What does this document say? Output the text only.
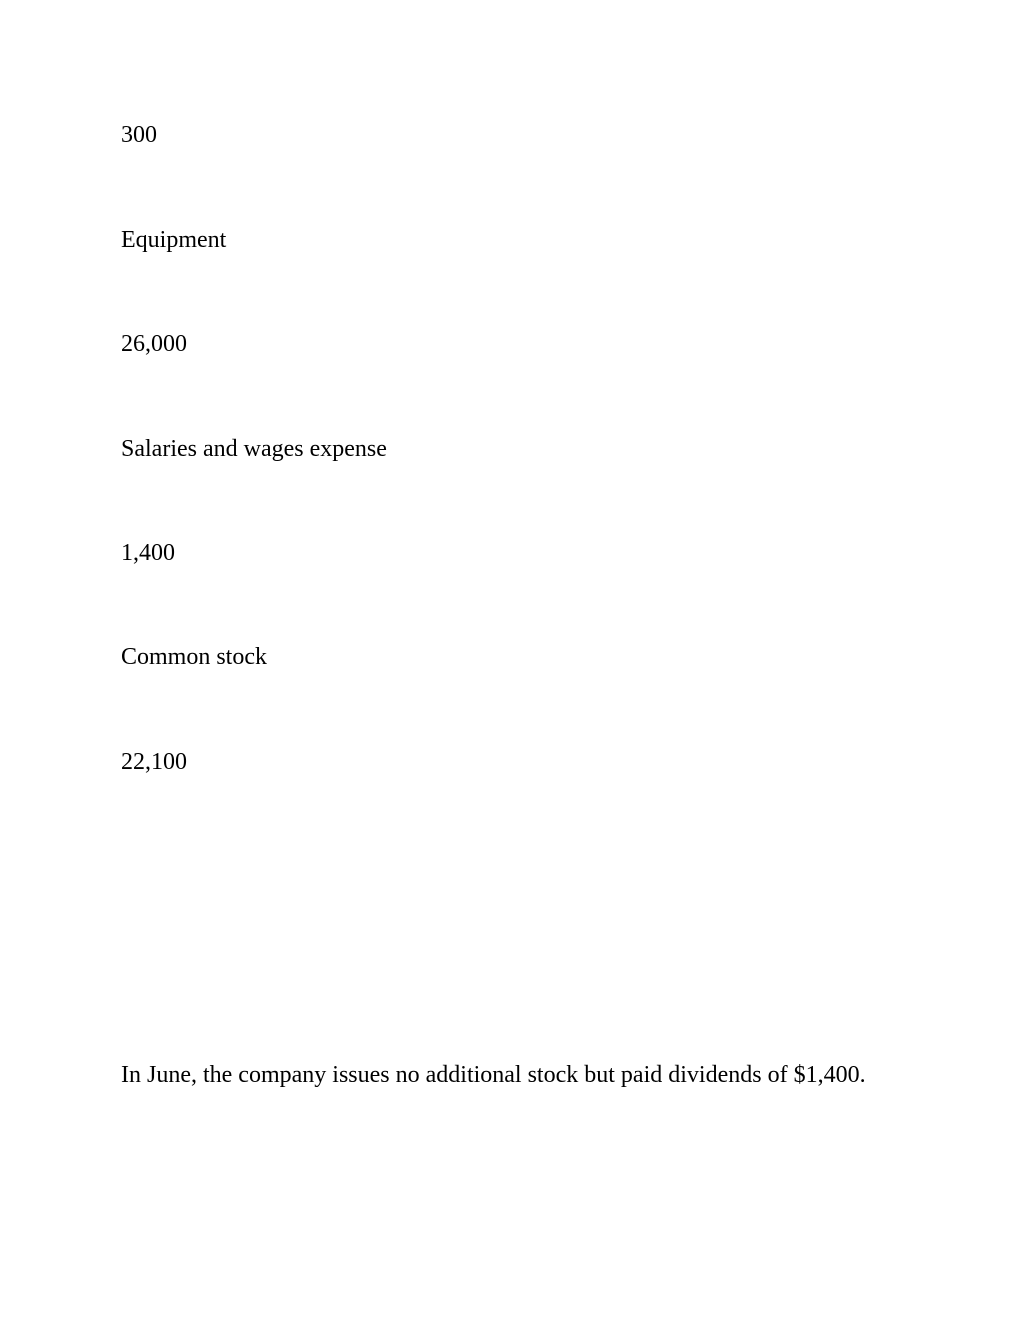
300
Equipment
26,000
Salaries and wages expense
1,400
Common stock
22,100
In June, the company issues no additional stock but paid dividends of $1,400.
